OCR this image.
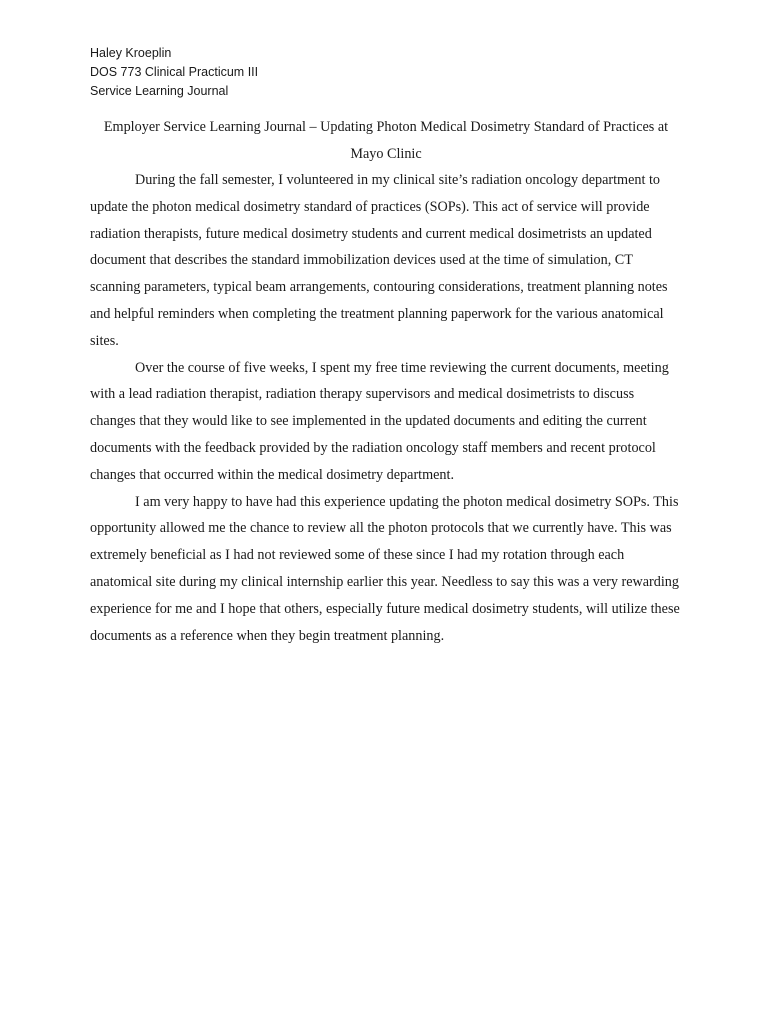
Haley Kroeplin
DOS 773 Clinical Practicum III
Service Learning Journal
Employer Service Learning Journal – Updating Photon Medical Dosimetry Standard of Practices at Mayo Clinic

During the fall semester, I volunteered in my clinical site’s radiation oncology department to update the photon medical dosimetry standard of practices (SOPs). This act of service will provide radiation therapists, future medical dosimetry students and current medical dosimetrists an updated document that describes the standard immobilization devices used at the time of simulation, CT scanning parameters, typical beam arrangements, contouring considerations, treatment planning notes and helpful reminders when completing the treatment planning paperwork for the various anatomical sites.

Over the course of five weeks, I spent my free time reviewing the current documents, meeting with a lead radiation therapist, radiation therapy supervisors and medical dosimetrists to discuss changes that they would like to see implemented in the updated documents and editing the current documents with the feedback provided by the radiation oncology staff members and recent protocol changes that occurred within the medical dosimetry department.

I am very happy to have had this experience updating the photon medical dosimetry SOPs. This opportunity allowed me the chance to review all the photon protocols that we currently have. This was extremely beneficial as I had not reviewed some of these since I had my rotation through each anatomical site during my clinical internship earlier this year. Needless to say this was a very rewarding experience for me and I hope that others, especially future medical dosimetry students, will utilize these documents as a reference when they begin treatment planning.
